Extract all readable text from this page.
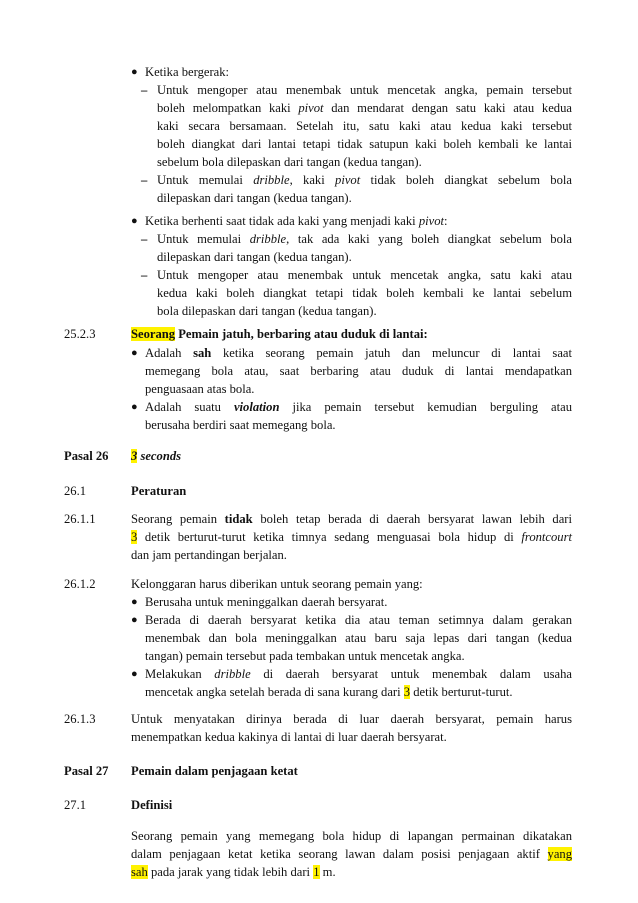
● Ketika bergerak:
– Untuk mengoper atau menembak untuk mencetak angka, pemain tersebut
boleh melompatkan kaki pivot dan mendarat dengan satu kaki atau kedua
kaki secara bersamaan. Setelah itu, satu kaki atau kedua kaki tersebut
boleh diangkat dari lantai tetapi tidak satupun kaki boleh kembali ke lantai
sebelum bola dilepaskan dari tangan (kedua tangan).
– Untuk memulai dribble, kaki pivot tidak boleh diangkat sebelum bola
dilepaskan dari tangan (kedua tangan).
● Ketika berhenti saat tidak ada kaki yang menjadi kaki pivot:
– Untuk memulai dribble, tak ada kaki yang boleh diangkat sebelum bola
dilepaskan dari tangan (kedua tangan).
– Untuk mengoper atau menembak untuk mencetak angka, satu kaki atau
kedua kaki boleh diangkat tetapi tidak boleh kembali ke lantai sebelum
bola dilepaskan dari tangan (kedua tangan).
25.2.3	Seorang Pemain jatuh, berbaring atau duduk di lantai:
● Adalah sah ketika seorang pemain jatuh dan meluncur di lantai saat
memegang bola atau, saat berbaring atau duduk di lantai mendapatkan
penguasaan atas bola.
● Adalah suatu violation jika pemain tersebut kemudian berguling atau
berusaha berdiri saat memegang bola.
Pasal 26 3 seconds
26.1	Peraturan
26.1.1	Seorang pemain tidak boleh tetap berada di daerah bersyarat lawan lebih dari
3 detik berturut-turut ketika timnya sedang menguasai bola hidup di frontcourt
dan jam pertandingan berjalan.
26.1.2	Kelonggaran harus diberikan untuk seorang pemain yang:
● Berusaha untuk meninggalkan daerah bersyarat.
● Berada di daerah bersyarat ketika dia atau teman setimnya dalam gerakan
menembak dan bola meninggalkan atau baru saja lepas dari tangan (kedua
tangan) pemain tersebut pada tembakan untuk mencetak angka.
● Melakukan dribble di daerah bersyarat untuk menembak dalam usaha
mencetak angka setelah berada di sana kurang dari 3 detik berturut-turut.
26.1.3	Untuk menyatakan dirinya berada di luar daerah bersyarat, pemain harus
menempatkan kedua kakinya di lantai di luar daerah bersyarat.
Pasal 27 Pemain dalam penjagaan ketat
27.1	Definisi
Seorang pemain yang memegang bola hidup di lapangan permainan dikatakan
dalam penjagaan ketat ketika seorang lawan dalam posisi penjagaan aktif yang
sah pada jarak yang tidak lebih dari 1 m.
